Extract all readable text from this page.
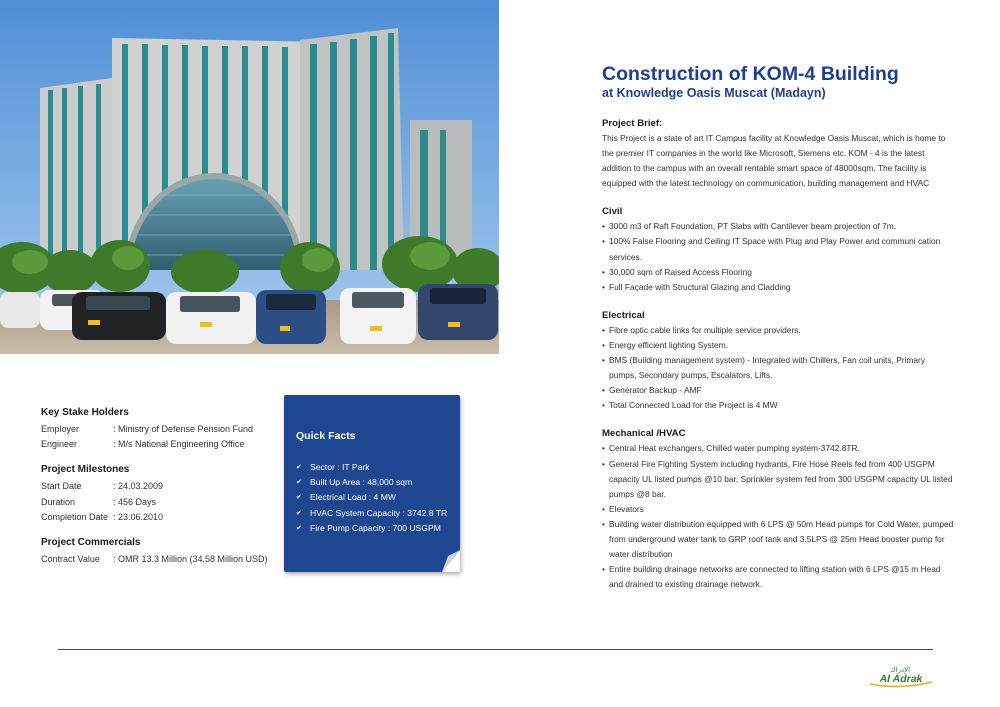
Key Stake Holders
Employer	: Ministry of Defense Pension Fund
Engineer	: M/s National Engineering Office
Project Milestones
Start Date	: 24.03.2009
Duration	: 456 Days
Completion Date : 23.06.2010
Project Commercials
Contract Value	: OMR 13.3 Million (34.58 Million USD)
Quick Facts
✔ Sector : IT Park
✔ Built Up Area : 48,000 sqm
✔ Electrical Load : 4 MW
✔ HVAC System Capacity : 3742.8 TR
✔ Fire Pump Capacity : 700 USGPM
Construction of KOM-4 Building
at Knowledge Oasis Muscat (Madayn)
Project Brief:

This Project is a state of art IT Campus facility at Knowledge Oasis Muscat, which is home to the premier IT companies in the world like Microsoft, Siemens etc. KOM - 4 is the latest addition to the campus with an overall rentable smart space of 48000sqm. The facility is equipped with the latest technology on communication, building management and HVAC

Civil
• 3000 m3 of Raft Foundation, PT Slabs with Cantilever beam projection of 7m.
• 100% False Flooring and Ceiling IT Space with Plug and Play Power and communi cation services.
• 30,000 sqm of Raised Access Flooring
• Full Façade with Structural Glazing and Cladding
Electrical
• Fibre optic cable links for multiple service providers.
• Energy efficient lighting System.
• BMS (Building management system) - Integrated with Chillers, Fan coil units, Primary pumps, Secondary pumps, Escalators, Lifts.
• Generator Backup - AMF
• Total Connected Load for the Project is 4 MW
Mechanical /HVAC
• Central Heat exchangers, Chilled water pumping system-3742.8TR.
• General Fire Fighting System including hydrants, Fire Hose Reels fed from 400 USGPM capacity UL listed pumps @10 bar, Sprinkler system fed from 300 USGPM capacity UL listed pumps @8 bar.
• Elevators
• Building water distribution equipped with 6 LPS @ 50m Head pumps for Cold Water, pumped from underground water tank to GRP roof tank and 3.5LPS @ 25m Head booster pump for water distribution
• Entire building drainage networks are connected to lifting station with 6 LPS @15 m Head and drained to existing drainage network.
الإدراك
Al Adrak
